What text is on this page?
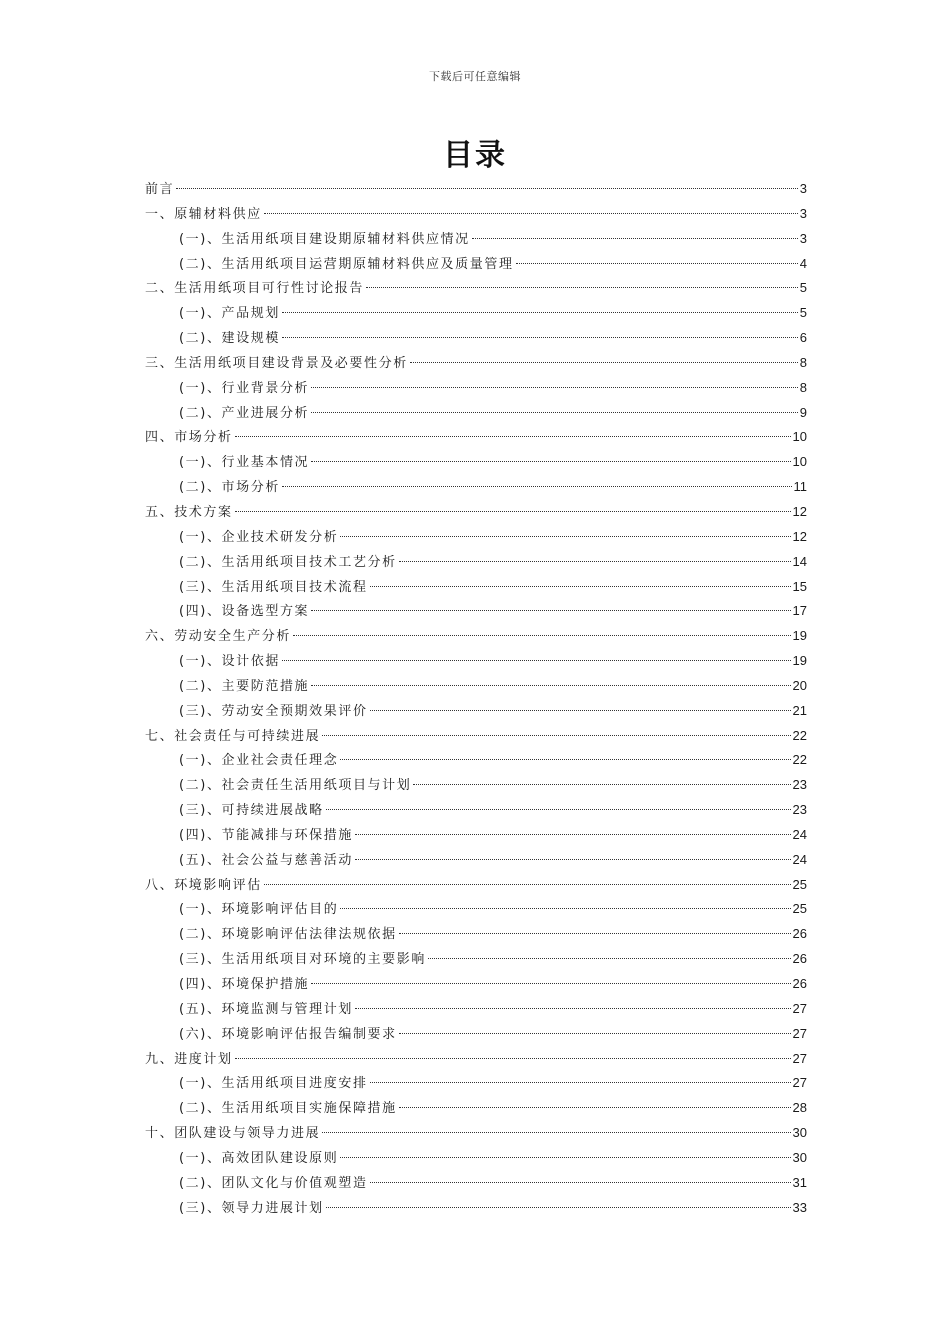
下载后可任意编辑
目录
前言	3
一、原辅材料供应	3
(一)、生活用纸项目建设期原辅材料供应情况	3
(二)、生活用纸项目运营期原辅材料供应及质量管理	4
二、生活用纸项目可行性讨论报告	5
(一)、产品规划	5
(二)、建设规模	6
三、生活用纸项目建设背景及必要性分析	8
(一)、行业背景分析	8
(二)、产业进展分析	9
四、市场分析	10
(一)、行业基本情况	10
(二)、市场分析	11
五、技术方案	12
(一)、企业技术研发分析	12
(二)、生活用纸项目技术工艺分析	14
(三)、生活用纸项目技术流程	15
(四)、设备选型方案	17
六、劳动安全生产分析	19
(一)、设计依据	19
(二)、主要防范措施	20
(三)、劳动安全预期效果评价	21
七、社会责任与可持续进展	22
(一)、企业社会责任理念	22
(二)、社会责任生活用纸项目与计划	23
(三)、可持续进展战略	23
(四)、节能减排与环保措施	24
(五)、社会公益与慈善活动	24
八、环境影响评估	25
(一)、环境影响评估目的	25
(二)、环境影响评估法律法规依据	26
(三)、生活用纸项目对环境的主要影响	26
(四)、环境保护措施	26
(五)、环境监测与管理计划	27
(六)、环境影响评估报告编制要求	27
九、进度计划	27
(一)、生活用纸项目进度安排	27
(二)、生活用纸项目实施保障措施	28
十、团队建设与领导力进展	30
(一)、高效团队建设原则	30
(二)、团队文化与价值观塑造	31
(三)、领导力进展计划	33
